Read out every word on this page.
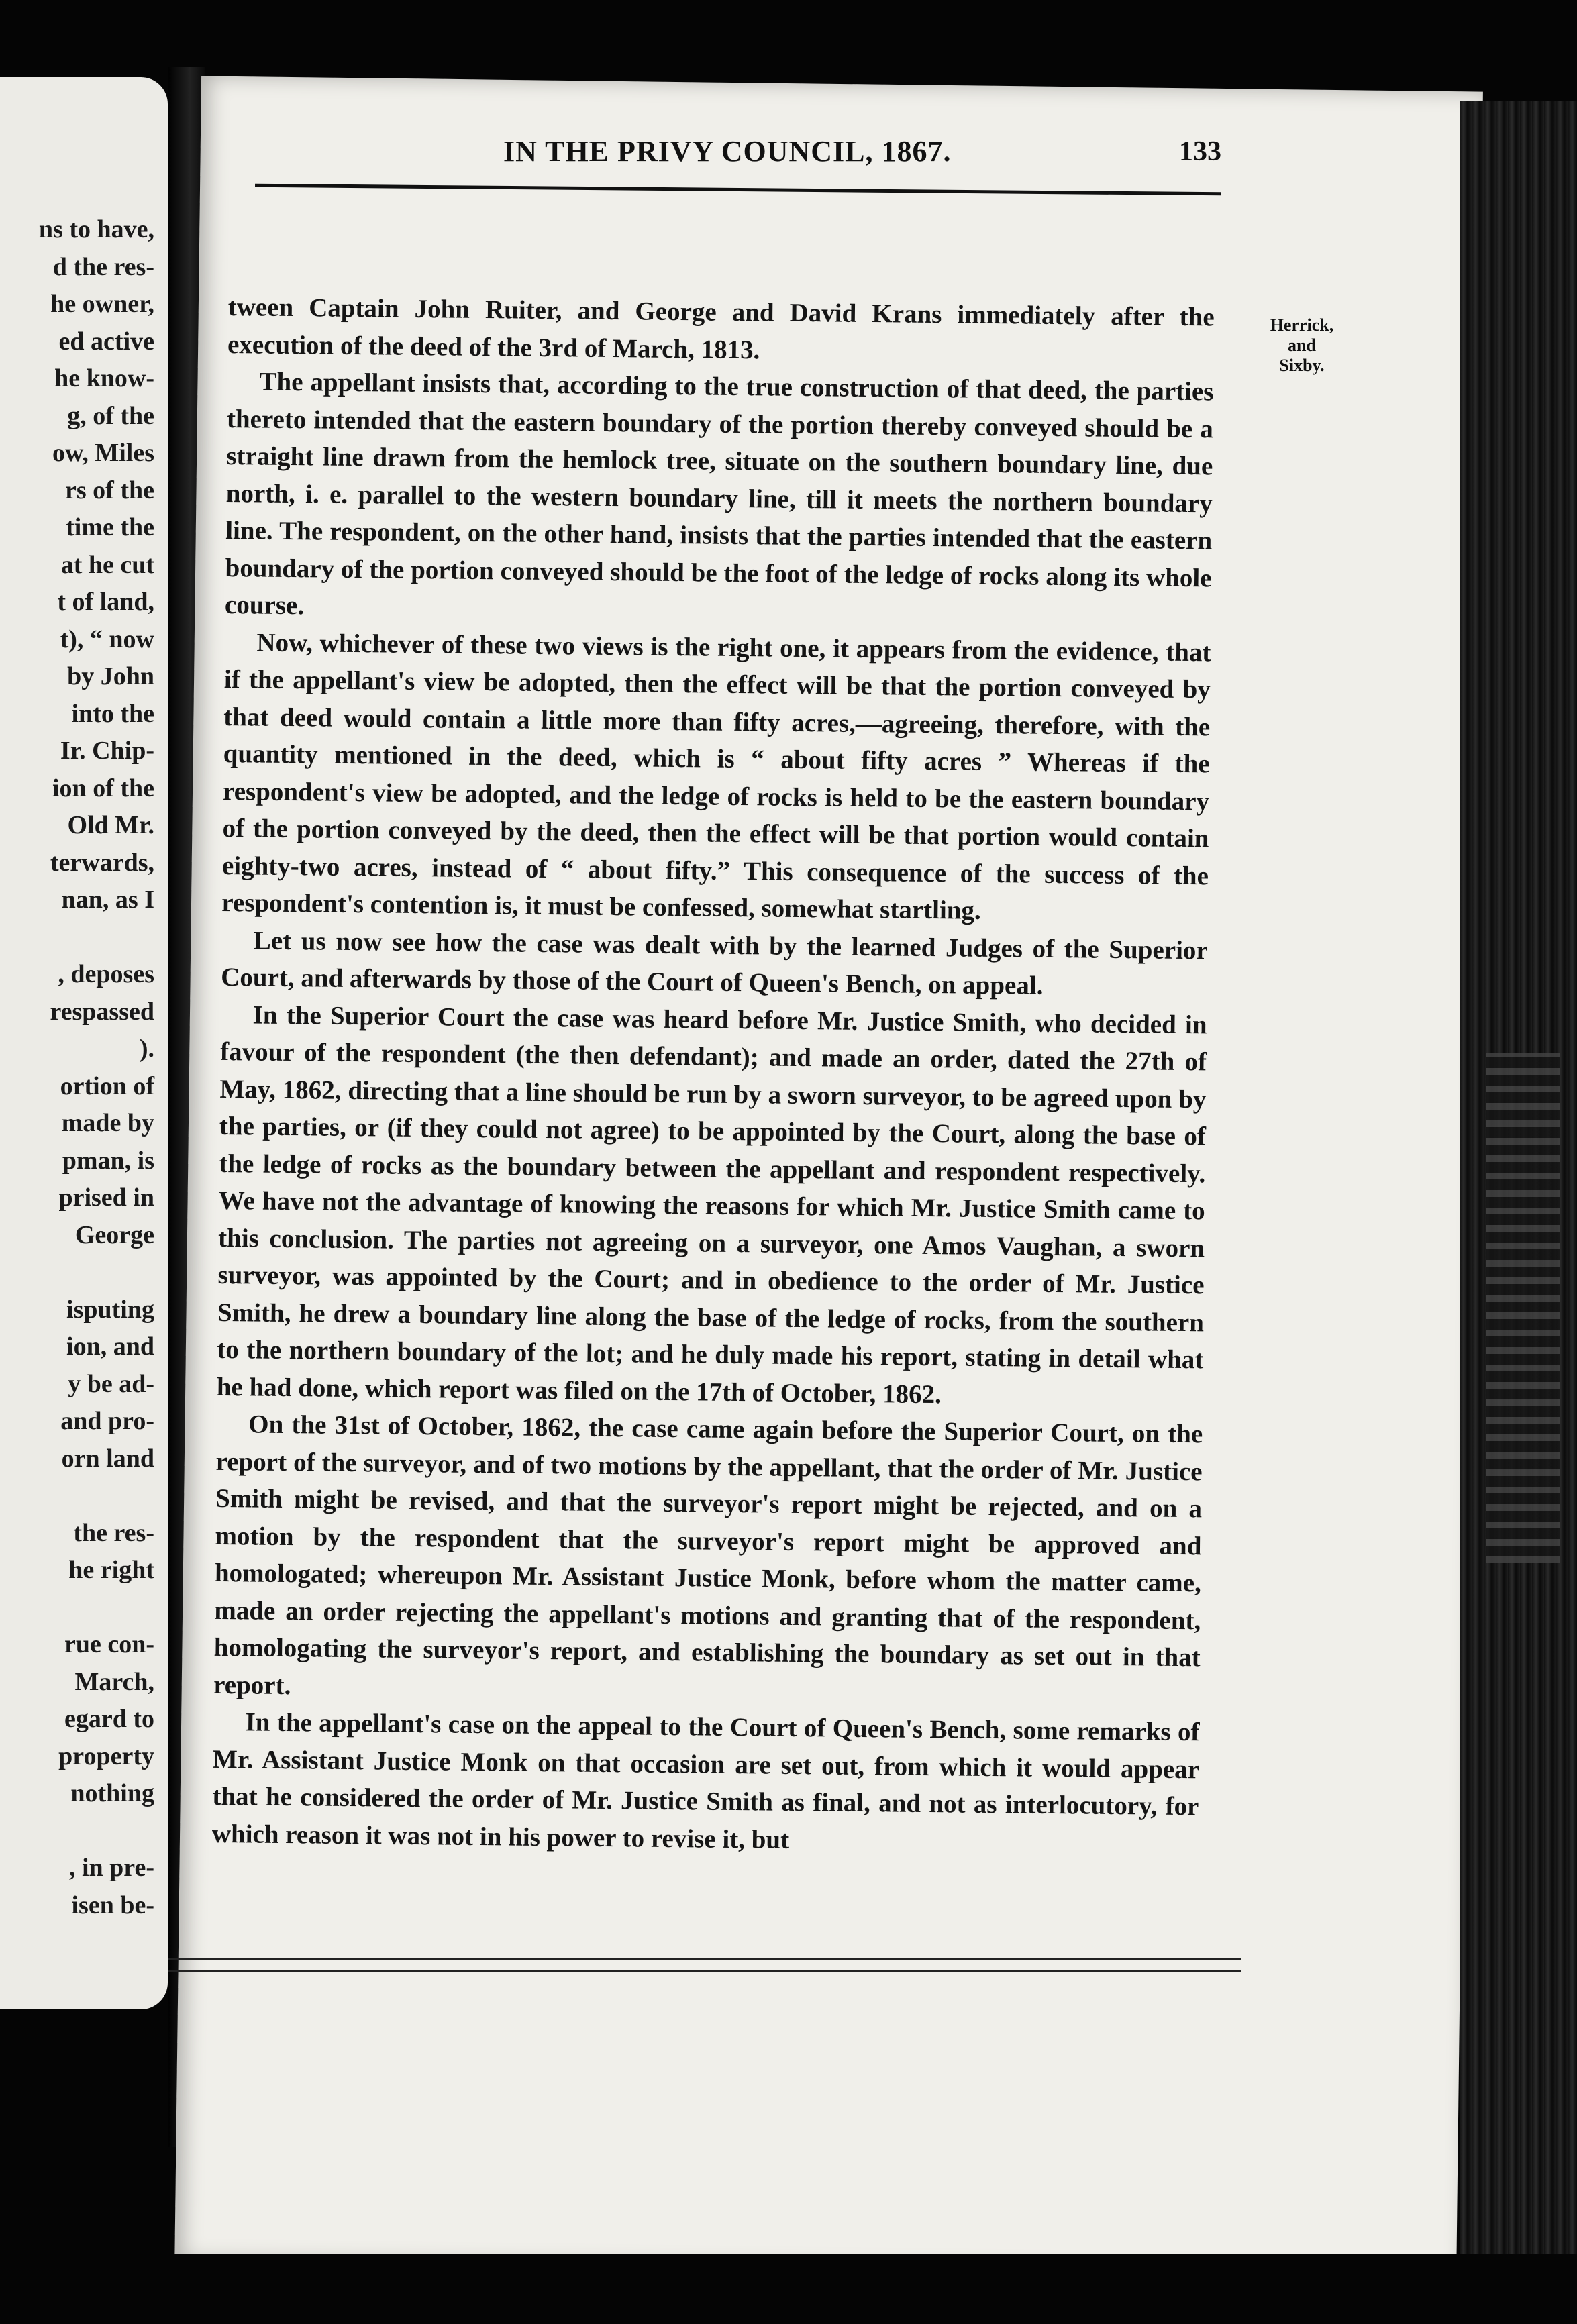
ns to have,
d the res-
he owner,
ed active
he know-
g, of the
ow, Miles
rs of the
time the
at he cut
t of land,
t), “ now
by John
into the
Ir. Chip-
ion of the
Old Mr.
terwards,
nan, as I
, deposes
respassed
).
ortion of
made by
pman, is
prised in
George
isputing
ion, and
y be ad-
and pro-
orn land
the res-
he right
rue con-
March,
egard to
property
nothing
, in pre-
isen be-
IN THE PRIVY COUNCIL, 1867.	133
Herrick,
and
Sixby.

tween Captain John Ruiter, and George and David Krans immediately after the execution of the deed of the 3rd of March, 1813.

The appellant insists that, according to the true construction of that deed, the parties thereto intended that the eastern boundary of the portion thereby conveyed should be a straight line drawn from the hemlock tree, situate on the southern boundary line, due north, i. e. parallel to the western boundary line, till it meets the northern boundary line. The respondent, on the other hand, insists that the parties intended that the eastern boundary of the portion conveyed should be the foot of the ledge of rocks along its whole course.

Now, whichever of these two views is the right one, it appears from the evidence, that if the appellant's view be adopted, then the effect will be that the portion conveyed by that deed would contain a little more than fifty acres,—agreeing, therefore, with the quantity mentioned in the deed, which is “ about fifty acres ” Whereas if the respondent's view be adopted, and the ledge of rocks is held to be the eastern boundary of the portion conveyed by the deed, then the effect will be that portion would contain eighty-two acres, instead of “ about fifty.” This consequence of the success of the respondent's contention is, it must be confessed, somewhat startling.

Let us now see how the case was dealt with by the learned Judges of the Superior Court, and afterwards by those of the Court of Queen's Bench, on appeal.

In the Superior Court the case was heard before Mr. Justice Smith, who decided in favour of the respondent (the then defendant); and made an order, dated the 27th of May, 1862, directing that a line should be run by a sworn surveyor, to be agreed upon by the parties, or (if they could not agree) to be appointed by the Court, along the base of the ledge of rocks as the boundary between the appellant and respondent respectively. We have not the advantage of knowing the reasons for which Mr. Justice Smith came to this conclusion. The parties not agreeing on a surveyor, one Amos Vaughan, a sworn surveyor, was appointed by the Court; and in obedience to the order of Mr. Justice Smith, he drew a boundary line along the base of the ledge of rocks, from the southern to the northern boundary of the lot; and he duly made his report, stating in detail what he had done, which report was filed on the 17th of October, 1862.

On the 31st of October, 1862, the case came again before the Superior Court, on the report of the surveyor, and of two motions by the appellant, that the order of Mr. Justice Smith might be revised, and that the surveyor's report might be rejected, and on a motion by the respondent that the surveyor's report might be approved and homologated; whereupon Mr. Assistant Justice Monk, before whom the matter came, made an order rejecting the appellant's motions and granting that of the respondent, homologating the surveyor's report, and establishing the boundary as set out in that report.

In the appellant's case on the appeal to the Court of Queen's Bench, some remarks of Mr. Assistant Justice Monk on that occasion are set out, from which it would appear that he considered the order of Mr. Justice Smith as final, and not as interlocutory, for which reason it was not in his power to revise it, but
